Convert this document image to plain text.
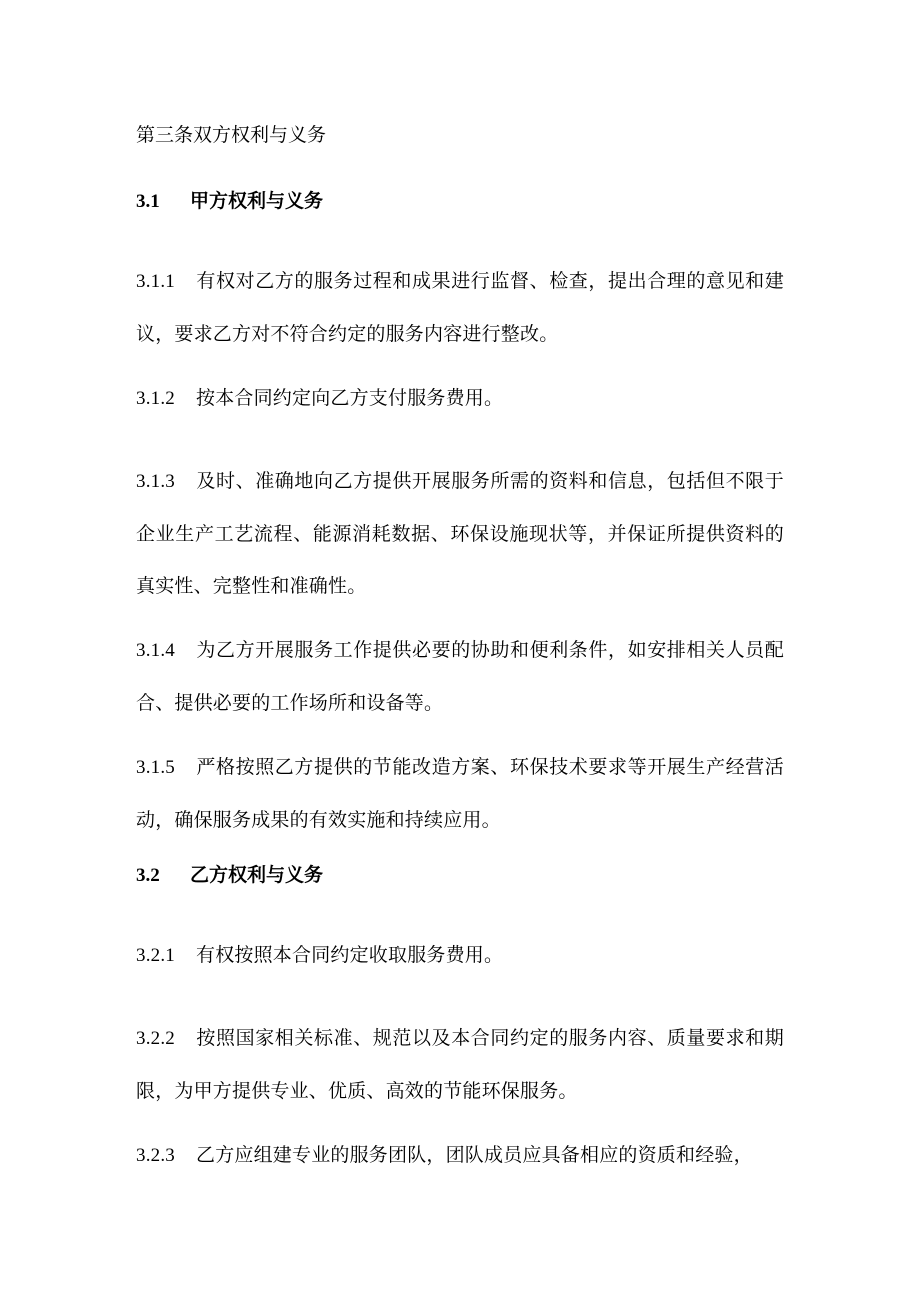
第三条双方权利与义务
3.1 甲方权利与义务

3.1.1 有权对乙方的服务过程和成果进行监督、检查，提出合理的意见和建议，要求乙方对不符合约定的服务内容进行整改。

3.1.2 按本合同约定向乙方支付服务费用。

3.1.3 及时、准确地向乙方提供开展服务所需的资料和信息，包括但不限于企业生产工艺流程、能源消耗数据、环保设施现状等，并保证所提供资料的真实性、完整性和准确性。

3.1.4 为乙方开展服务工作提供必要的协助和便利条件，如安排相关人员配合、提供必要的工作场所和设备等。

3.1.5 严格按照乙方提供的节能改造方案、环保技术要求等开展生产经营活动，确保服务成果的有效实施和持续应用。

3.2 乙方权利与义务

3.2.1 有权按照本合同约定收取服务费用。

3.2.2 按照国家相关标准、规范以及本合同约定的服务内容、质量要求和期限，为甲方提供专业、优质、高效的节能环保服务。

3.2.3 乙方应组建专业的服务团队，团队成员应具备相应的资质和经验，
